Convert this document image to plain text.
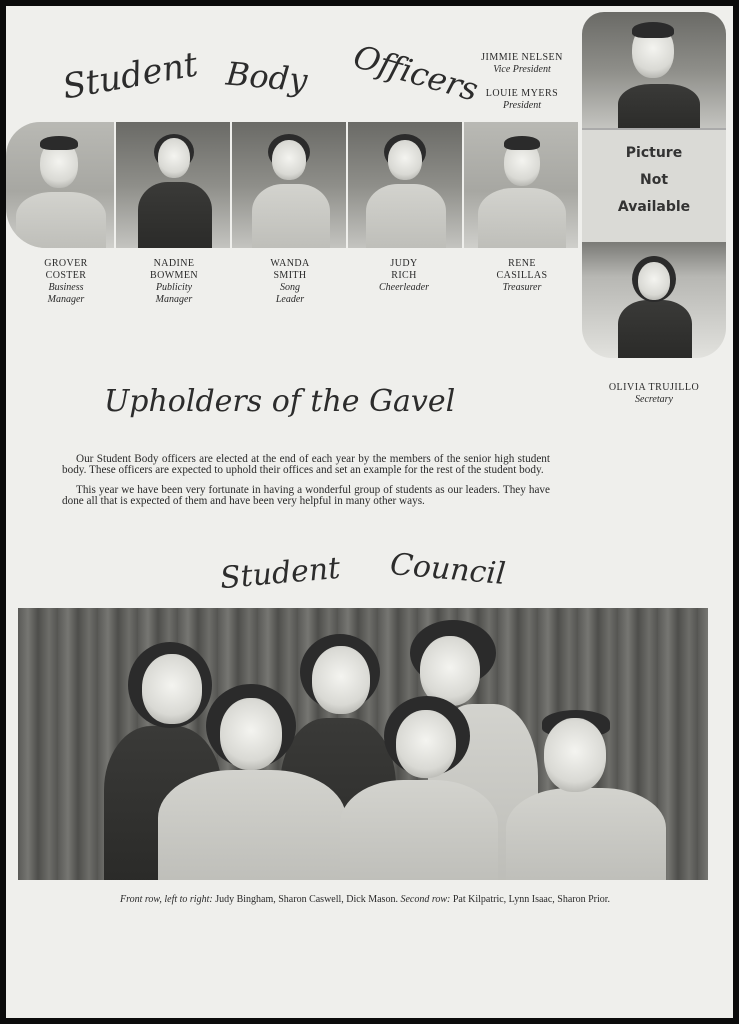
Student Body Officers
JIMMIE NELSEN
Vice President
LOUIE MYERS
President
Picture
Not
Available
OLIVIA TRUJILLO
Secretary
GROVER
COSTER
Business
Manager
NADINE
BOWMEN
Publicity
Manager
WANDA
SMITH
Song
Leader
JUDY
RICH
Cheerleader
RENE
CASILLAS
Treasurer
Upholders of the Gavel

Our Student Body officers are elected at the end of each year by the members of the senior high student body. These officers are expected to uphold their offices and set an example for the rest of the student body.

This year we have been very fortunate in having a wonderful group of students as our leaders. They have done all that is expected of them and have been very helpful in many other ways.

Student Council
Front row, left to right: Judy Bingham, Sharon Caswell, Dick Mason. Second row: Pat Kilpatric, Lynn Isaac, Sharon Prior.
